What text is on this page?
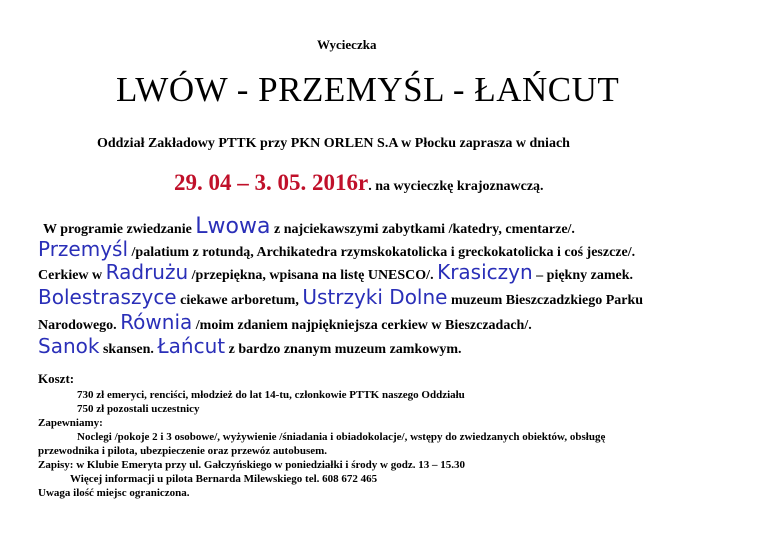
Wycieczka
LWÓW - PRZEMYŚL - ŁAŃCUT
Oddział Zakładowy PTTK przy PKN ORLEN S.A w Płocku zaprasza w dniach
29. 04 – 3. 05. 2016r. na wycieczkę krajoznawczą.
W programie zwiedzanie Lwowa z najciekawszymi zabytkami /katedry, cmentarze/.
Przemyśl /palatium z rotundą, Archikatedra rzymskokatolicka i greckokatolicka i coś jeszcze/.
Cerkiew w Radrużu /przepiękna, wpisana na listę UNESCO/. Krasiczyn – piękny zamek.
Bolestraszyce ciekawe arboretum, Ustrzyki Dolne muzeum Bieszczadzkiego Parku
Narodowego. Równia /moim zdaniem najpiękniejsza cerkiew w Bieszczadach/.
Sanok skansen. Łańcut z bardzo znanym muzeum zamkowym.
Koszt:
730 zł emeryci, renciści, młodzież do lat 14-tu, członkowie PTTK naszego Oddziału
750 zł pozostali uczestnicy
Zapewniamy:
Noclegi /pokoje 2 i 3 osobowe/, wyżywienie /śniadania i obiadokolacje/, wstępy do zwiedzanych obiektów, obsługę
przewodnika i pilota, ubezpieczenie oraz przewóz autobusem.
Zapisy: w Klubie Emeryta przy ul. Gałczyńskiego w poniedziałki i środy w godz. 13 – 15.30
Więcej informacji u pilota Bernarda Milewskiego tel. 608 672 465
Uwaga ilość miejsc ograniczona.
